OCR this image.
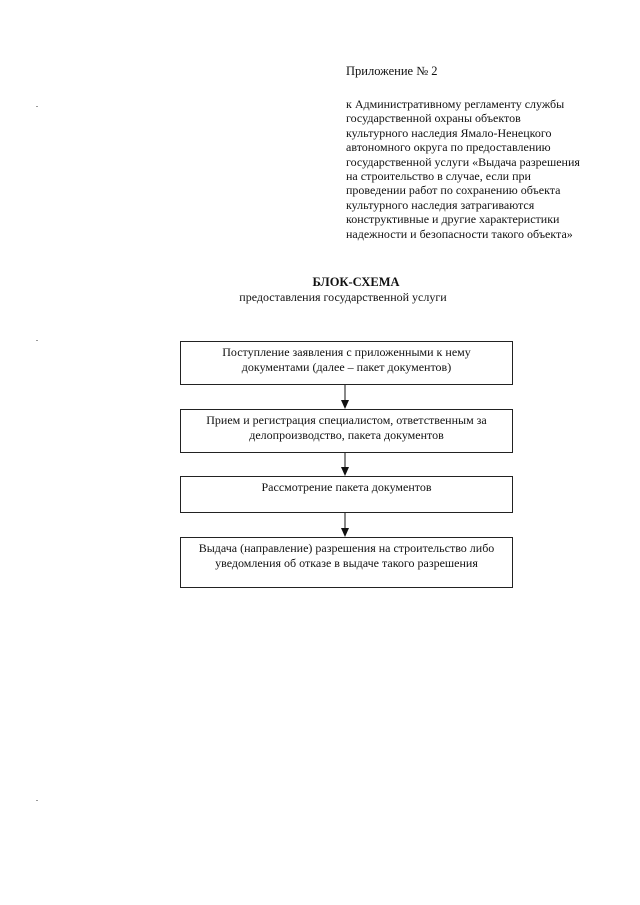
Приложение № 2
к Административному регламенту службы
государственной охраны объектов
культурного наследия Ямало-Ненецкого
автономного округа по предоставлению
государственной услуги «Выдача разрешения
на строительство в случае, если при
проведении работ по сохранению объекта
культурного наследия затрагиваются
конструктивные и другие характеристики
надежности и безопасности такого объекта»
БЛОК-СХЕМА
предоставления государственной услуги
Поступление заявления с приложенными к нему
документами (далее – пакет документов)
Прием и регистрация специалистом, ответственным за
делопроизводство, пакета документов
Рассмотрение пакета документов
Выдача (направление) разрешения на строительство либо
уведомления об отказе в выдаче такого разрешения
